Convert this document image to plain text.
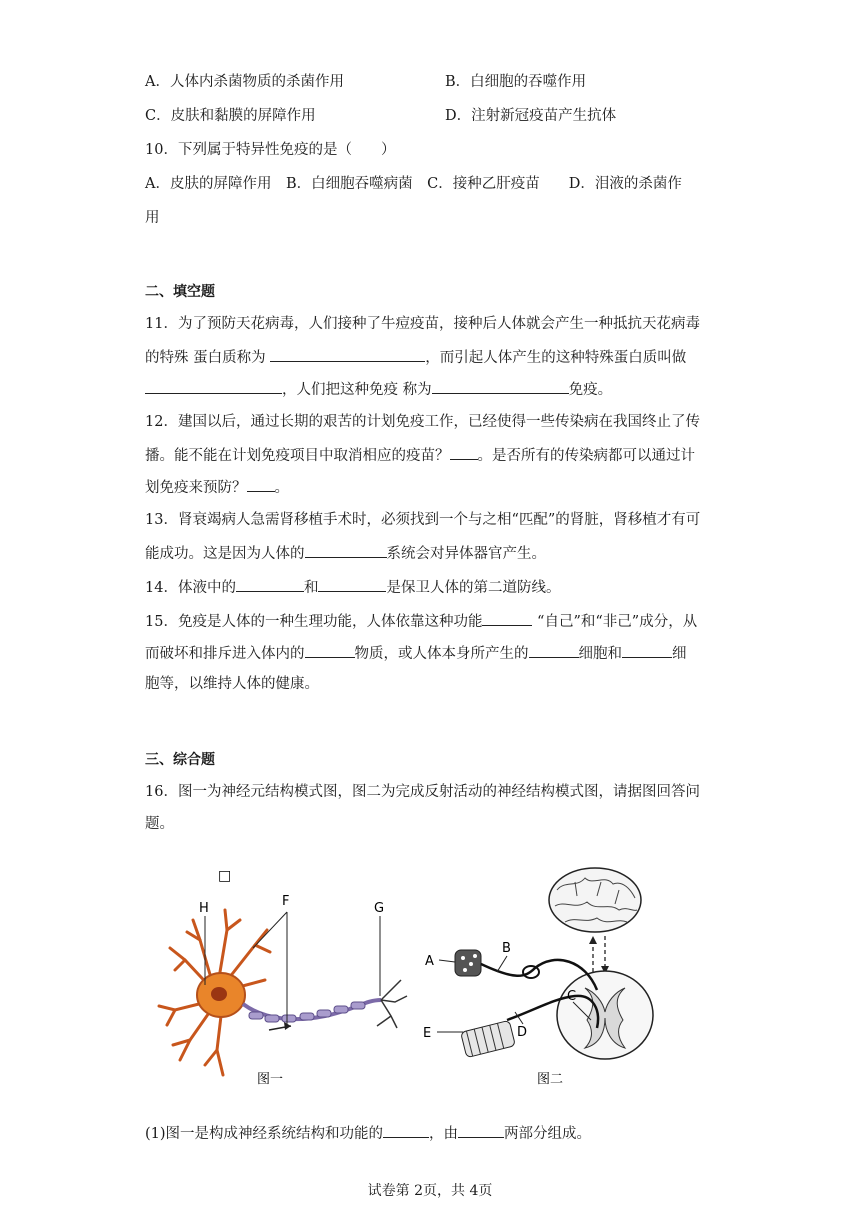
A．人体内杀菌物质的杀菌作用	B．白细胞的吞噬作用
C．皮肤和黏膜的屏障作用	D．注射新冠疫苗产生抗体
10．下列属于特异性免疫的是（　　）
A．皮肤的屏障作用　B．白细胞吞噬病菌　C．接种乙肝疫苗　　D．泪液的杀菌作
用
二、填空题
11．为了预防天花病毒，人们接种了牛痘疫苗，接种后人体就会产生一种抵抗天花病毒
的特殊 蛋白质称为	，而引起人体产生的这种特殊蛋白质叫做
，人们把这种免疫 称为	免疫。
12．建国以后，通过长期的艰苦的计划免疫工作，已经使得一些传染病在我国终止了传
播。能不能在计划免疫项目中取消相应的疫苗？ 。是否所有的传染病都可以通过计
划免疫来预防？ 。
13．肾衰竭病人急需肾移植手术时，必须找到一个与之相“匹配”的肾脏，肾移植才有可
能成功。这是因为人体的	系统会对异体器官产生。
14．体液中的	和	是保卫人体的第二道防线。
15．免疫是人体的一种生理功能，人体依靠这种功能	“自己”和“非己”成分，从
而破坏和排斥进入体内的	物质，或人体本身所产生的	细胞和	细
胞等，以维持人体的健康。
三、综合题
16．图一为神经元结构模式图，图二为完成反射活动的神经结构模式图，请据图回答问
题。
□
H	F	G
图一
A
B
C
D
E
图二
(1)图一是构成神经系统结构和功能的	，由	两部分组成。
试卷第 2页，共 4页
